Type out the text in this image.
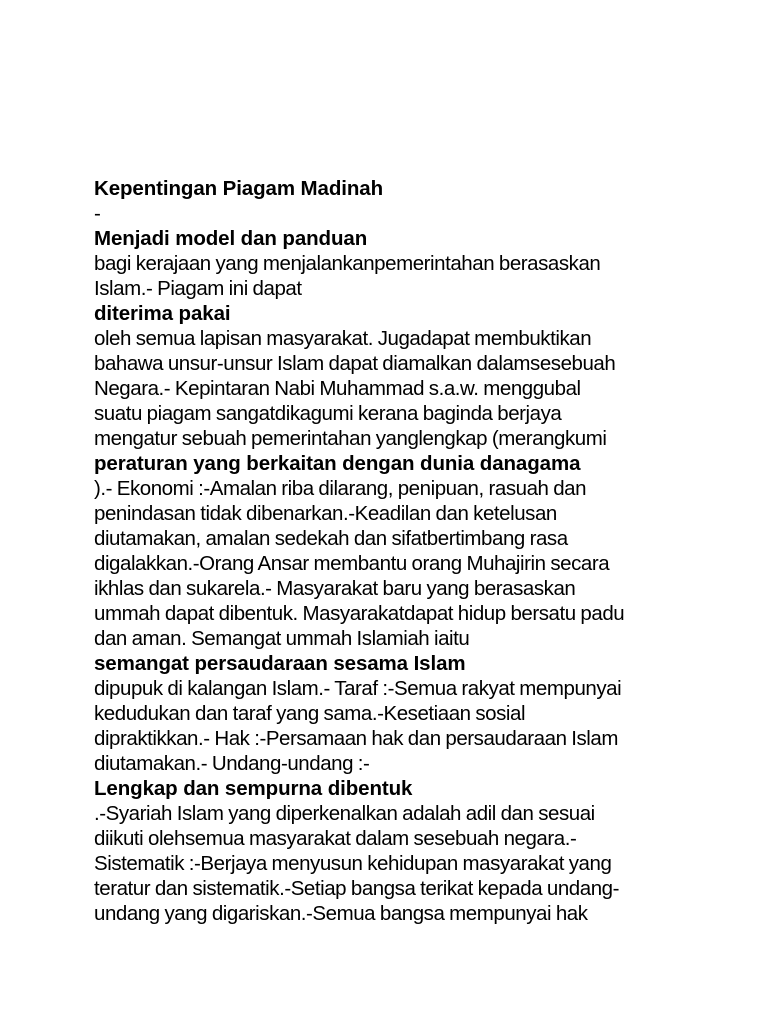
Kepentingan Piagam Madinah
-
Menjadi model dan panduan
bagi kerajaan yang menjalankanpemerintahan berasaskan
Islam.- Piagam ini dapat
diterima pakai
oleh semua lapisan masyarakat. Jugadapat membuktikan
bahawa unsur-unsur Islam dapat diamalkan dalamsesebuah
Negara.- Kepintaran Nabi Muhammad s.a.w. menggubal
suatu piagam sangatdikagumi kerana baginda berjaya
mengatur sebuah pemerintahan yanglengkap (merangkumi
peraturan yang berkaitan dengan dunia danagama
).- Ekonomi :-Amalan riba dilarang, penipuan, rasuah dan
penindasan tidak dibenarkan.-Keadilan dan ketelusan
diutamakan, amalan sedekah dan sifatbertimbang rasa
digalakkan.-Orang Ansar membantu orang Muhajirin secara
ikhlas dan sukarela.- Masyarakat baru yang berasaskan
ummah dapat dibentuk. Masyarakatdapat hidup bersatu padu
dan aman. Semangat ummah Islamiah iaitu
semangat persaudaraan sesama Islam
dipupuk di kalangan Islam.- Taraf :-Semua rakyat mempunyai
kedudukan dan taraf yang sama.-Kesetiaan sosial
dipraktikkan.- Hak :-Persamaan hak dan persaudaraan Islam
diutamakan.- Undang-undang :-
Lengkap dan sempurna dibentuk
.-Syariah Islam yang diperkenalkan adalah adil dan sesuai
diikuti olehsemua masyarakat dalam sesebuah negara.-
Sistematik :-Berjaya menyusun kehidupan masyarakat yang
teratur dan sistematik.-Setiap bangsa terikat kepada undang-
undang yang digariskan.-Semua bangsa mempunyai hak
